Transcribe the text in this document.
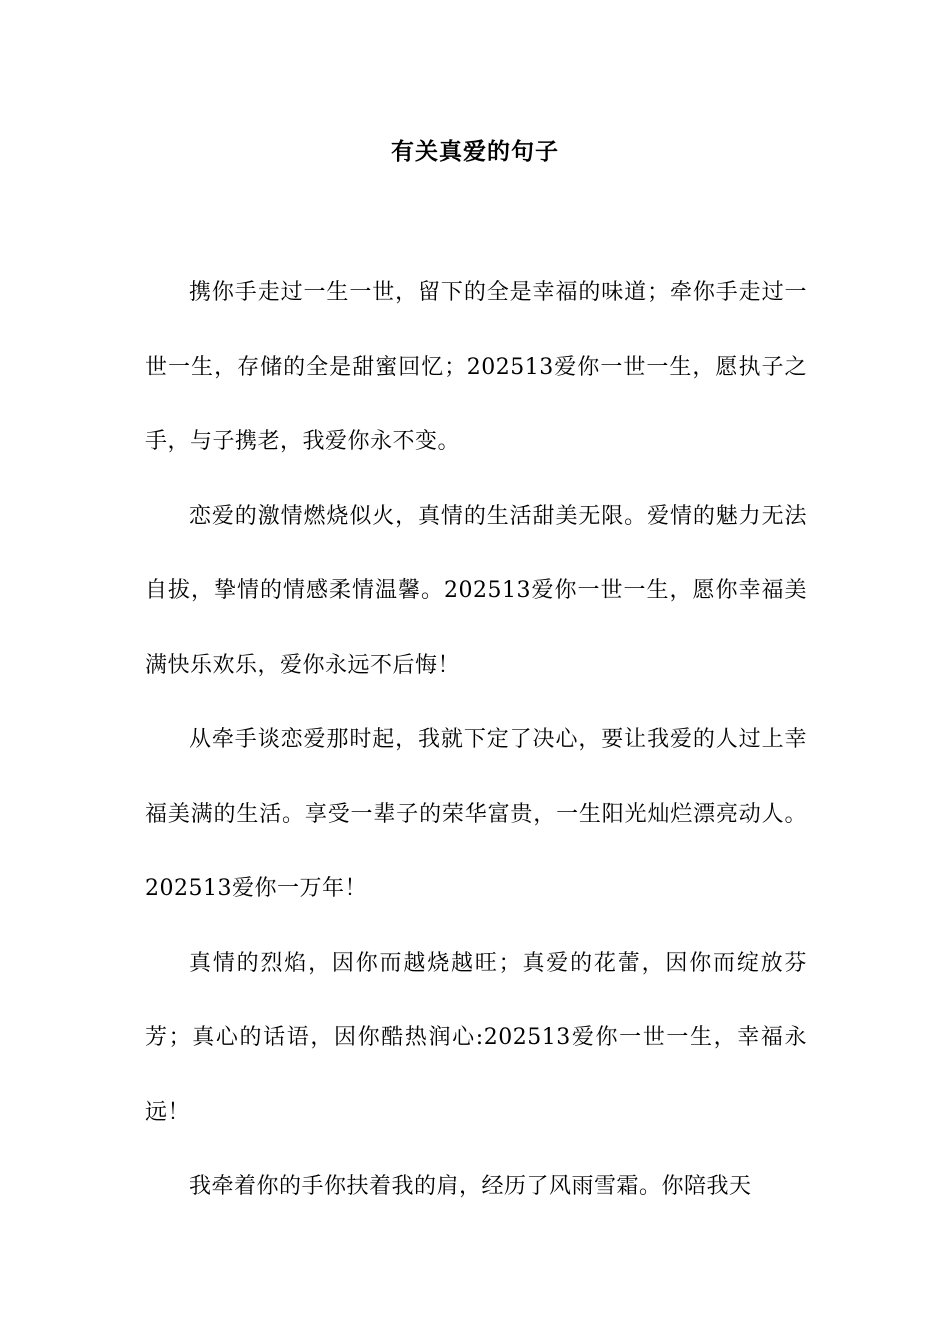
有关真爱的句子

携你手走过一生一世，留下的全是幸福的味道；牵你手走过一世一生，存储的全是甜蜜回忆；202513爱你一世一生，愿执子之手，与子携老，我爱你永不变。

恋爱的激情燃烧似火，真情的生活甜美无限。爱情的魅力无法自拔，挚情的情感柔情温馨。202513爱你一世一生，愿你幸福美满快乐欢乐，爱你永远不后悔！

从牵手谈恋爱那时起，我就下定了决心，要让我爱的人过上幸福美满的生活。享受一辈子的荣华富贵，一生阳光灿烂漂亮动人。202513爱你一万年！

真情的烈焰，因你而越烧越旺；真爱的花蕾，因你而绽放芬芳；真心的话语，因你酷热润心:202513爱你一世一生，幸福永远！

我牵着你的手你扶着我的肩，经历了风雨雪霜。你陪我天
